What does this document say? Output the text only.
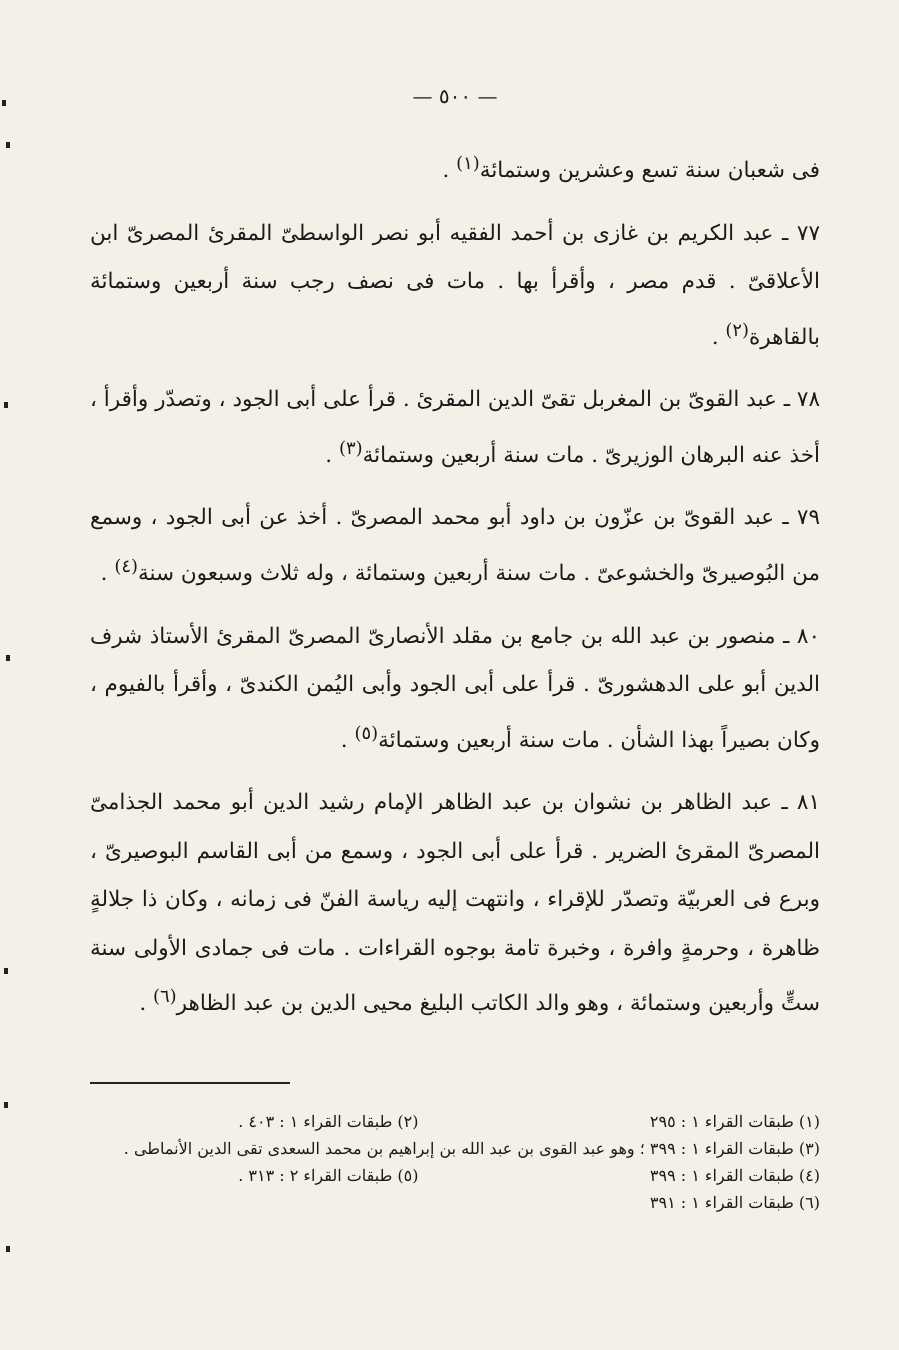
— ٥٠٠ —

فى شعبان سنة تسع وعشرين وستمائة$^{(١)}$ .

٧٧ ـ عبد الكريم بن غازى بن أحمد الفقيه أبو نصر الواسطىّ المقرئ المصرىّ ابن الأعلاقىّ . قدم مصر ، وأقرأ بها . مات فى نصف رجب سنة أربعين وستمائة بالقاهرة$^{(٢)}$ .

٧٨ ـ عبد القوىّ بن المغربل تقىّ الدين المقرئ . قرأ على أبى الجود ، وتصدّر وأقرأ ، أخذ عنه البرهان الوزيرىّ . مات سنة أربعين وستمائة$^{(٣)}$ .

٧٩ ـ عبد القوىّ بن عزّون بن داود أبو محمد المصرىّ . أخذ عن أبى الجود ، وسمع من البُوصيرىّ والخشوعىّ . مات سنة أربعين وستمائة ، وله ثلاث وسبعون سنة$^{(٤)}$ .

٨٠ ـ منصور بن عبد الله بن جامع بن مقلد الأنصارىّ المصرىّ المقرئ الأستاذ شرف الدين أبو على الدهشورىّ . قرأ على أبى الجود وأبى اليُمن الكندىّ ، وأقرأ بالفيوم ، وكان بصيراً بهذا الشأن . مات سنة أربعين وستمائة$^{(٥)}$ .

٨١ ـ عبد الظاهر بن نشوان بن عبد الظاهر الإمام رشيد الدين أبو محمد الجذامىّ المصرىّ المقرئ الضرير . قرأ على أبى الجود ، وسمع من أبى القاسم البوصيرىّ ، وبرع فى العربيّة وتصدّر للإقراء ، وانتهت إليه رياسة الفنّ فى زمانه ، وكان ذا جلالةٍ ظاهرة ، وحرمةٍ وافرة ، وخبرة تامة بوجوه القراءات . مات فى جمادى الأولى سنة ستٍّ وأربعين وستمائة ، وهو والد الكاتب البليغ محيى الدين بن عبد الظاهر$^{(٦)}$ .

(١) طبقات القراء ١ : ٢٩٥
(٢) طبقات القراء ١ : ٤٠٣ .
(٣) طبقات القراء ١ : ٣٩٩ ؛ وهو عبد القوى بن عبد الله بن إبراهيم بن محمد السعدى تقى الدين الأنماطى .
(٤) طبقات القراء ١ : ٣٩٩
(٥) طبقات القراء ٢ : ٣١٣ .
(٦) طبقات القراء ١ : ٣٩١
